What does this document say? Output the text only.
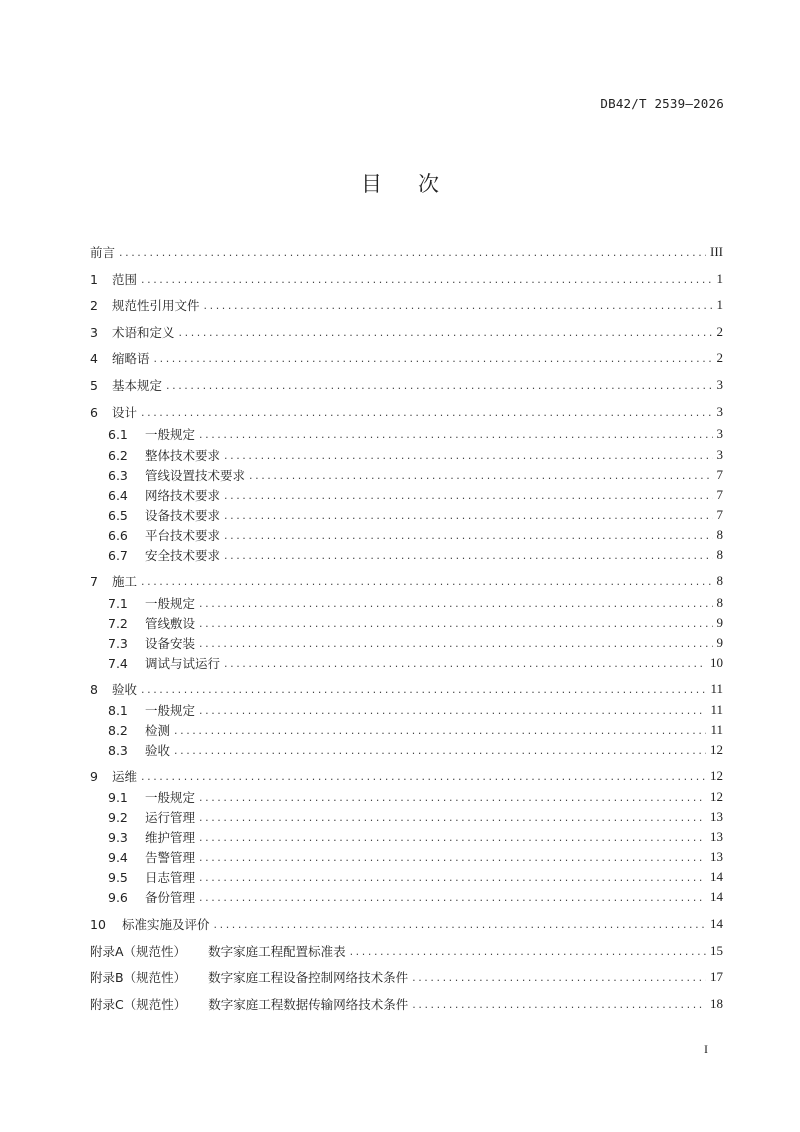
DB42/T 2539—2026
目 次
前言 .....	III
1	范围 .....	1
2	规范性引用文件 .....	1
3	术语和定义 .....	2
4	缩略语 .....	2
5	基本规定 .....	3
6	设计 .....	3
6.1	一般规定 .....	3
6.2	整体技术要求 .....	3
6.3	管线设置技术要求 .....	7
6.4	网络技术要求 .....	7
6.5	设备技术要求 .....	7
6.6	平台技术要求 .....	8
6.7	安全技术要求 .....	8
7	施工 .....	8
7.1	一般规定 .....	8
7.2	管线敷设 .....	9
7.3	设备安装 .....	9
7.4	调试与试运行 .....	10
8	验收 .....	11
8.1	一般规定 .....	11
8.2	检测 .....	11
8.3	验收 .....	12
9	运维 .....	12
9.1	一般规定 .....	12
9.2	运行管理 .....	13
9.3	维护管理 .....	13
9.4	告警管理 .....	13
9.5	日志管理 .....	14
9.6	备份管理 .....	14
10	标准实施及评价 .....	14
附录A（规范性） 数字家庭工程配置标准表 .....	15
附录B（规范性） 数字家庭工程设备控制网络技术条件 .....	17
附录C（规范性） 数字家庭工程数据传输网络技术条件 .....	18
I
